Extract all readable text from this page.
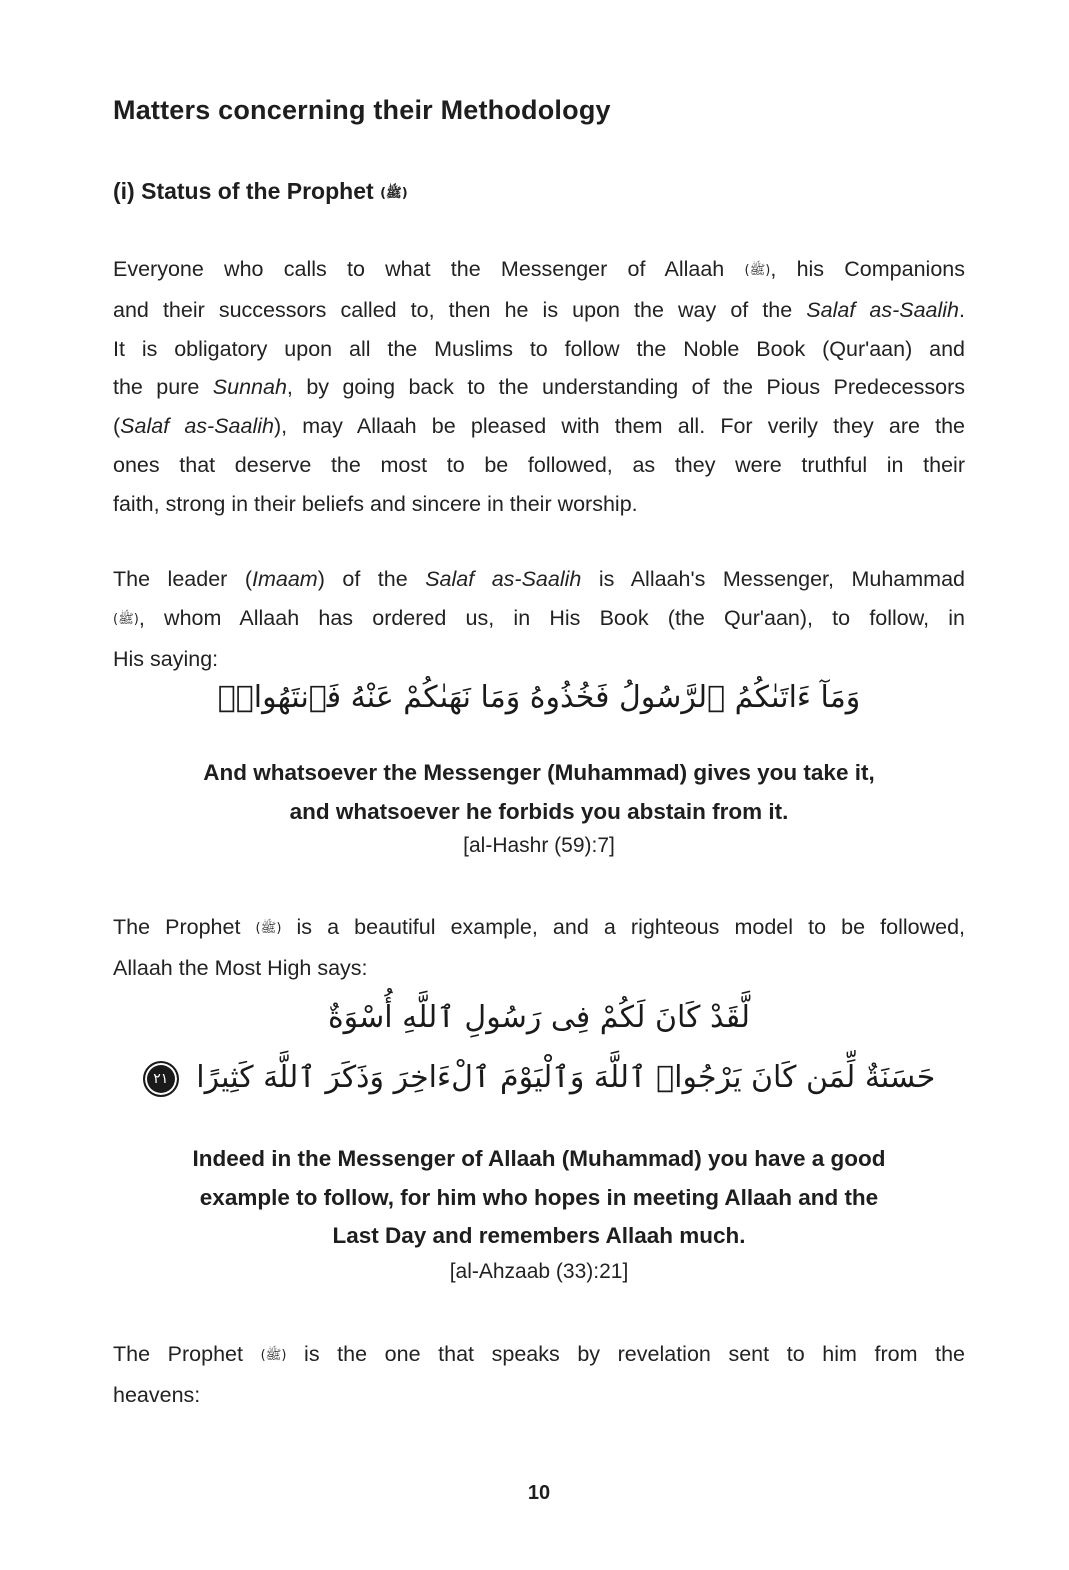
Matters concerning their Methodology
(i) Status of the Prophet (ﷺ)
Everyone who calls to what the Messenger of Allaah (ﷺ), his Companions
and their successors called to, then he is upon the way of the Salaf as-Saalih.
It is obligatory upon all the Muslims to follow the Noble Book (Qur'aan) and
the pure Sunnah, by going back to the understanding of the Pious Predecessors
(Salaf as-Saalih), may Allaah be pleased with them all. For verily they are the
ones that deserve the most to be followed, as they were truthful in their
faith, strong in their beliefs and sincere in their worship.
The leader (Imaam) of the Salaf as-Saalih is Allaah's Messenger, Muhammad
(ﷺ), whom Allaah has ordered us, in His Book (the Qur'aan), to follow, in
His saying:
وَمَآ ءَاتَىٰكُمُ ٱلرَّسُولُ فَخُذُوهُ وَمَا نَهَىٰكُمْ عَنْهُ فَٱنتَهُوا۟ۚ
And whatsoever the Messenger (Muhammad) gives you take it,
and whatsoever he forbids you abstain from it.
[al-Hashr (59):7]
The Prophet (ﷺ) is a beautiful example, and a righteous model to be followed,
Allaah the Most High says:
لَّقَدْ كَانَ لَكُمْ فِى رَسُولِ ٱللَّهِ أُسْوَةٌ
حَسَنَةٌ لِّمَن كَانَ يَرْجُوا۟ ٱللَّهَ وَٱلْيَوْمَ ٱلْءَاخِرَ وَذَكَرَ ٱللَّهَ كَثِيرًا ٢١
Indeed in the Messenger of Allaah (Muhammad) you have a good
example to follow, for him who hopes in meeting Allaah and the
Last Day and remembers Allaah much.
[al-Ahzaab (33):21]
The Prophet (ﷺ) is the one that speaks by revelation sent to him from the
heavens:
10
